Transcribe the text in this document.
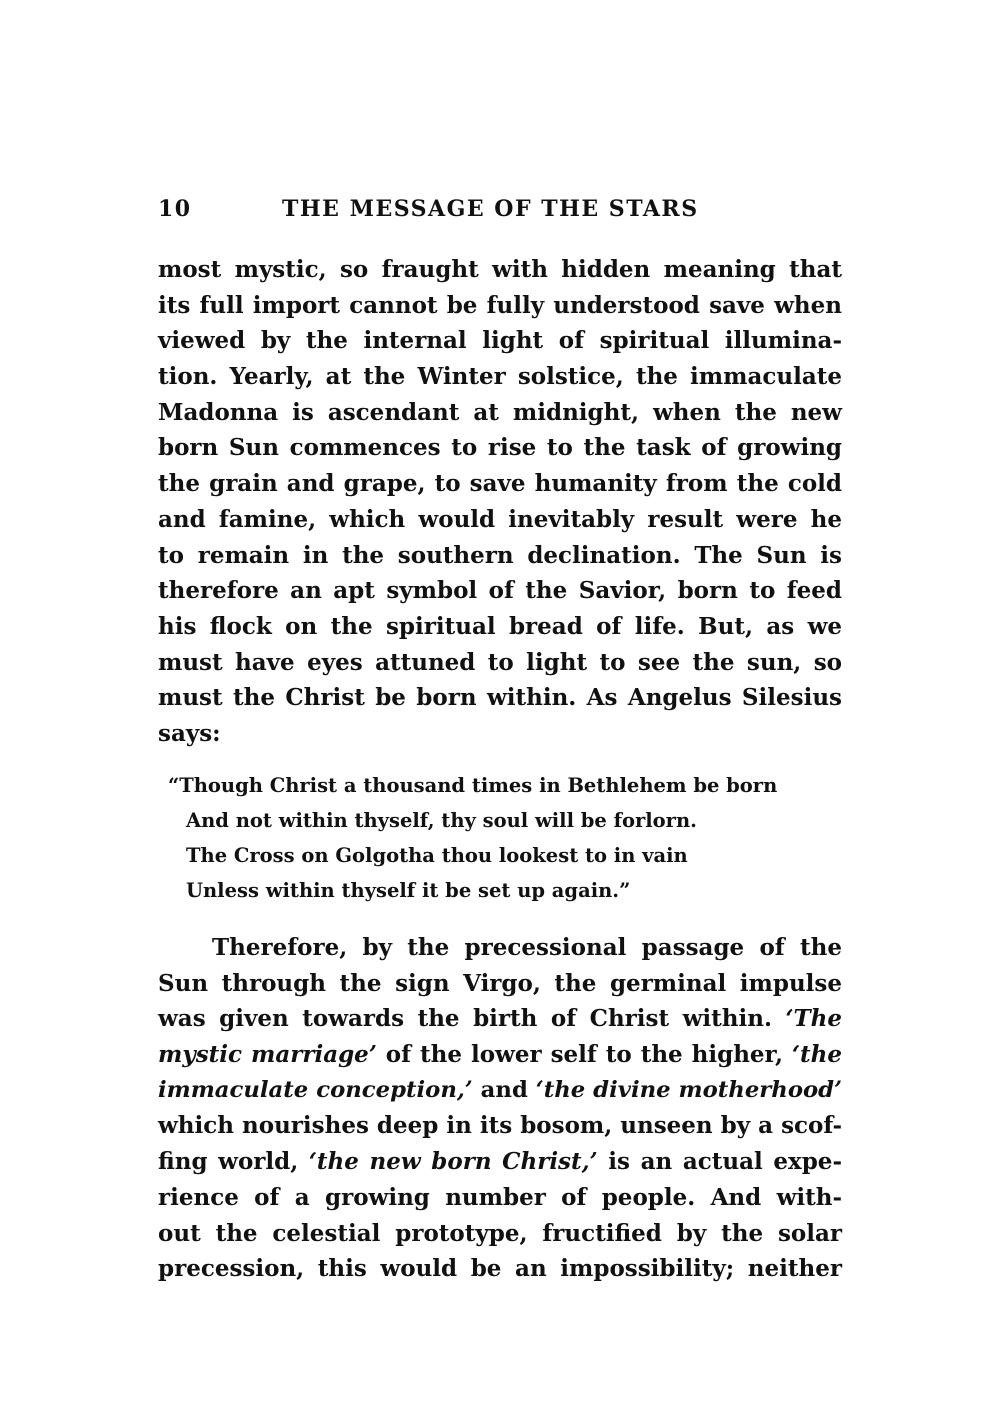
10	THE MESSAGE OF THE STARS
most mystic, so fraught with hidden meaning that
its full import cannot be fully understood save when
viewed by the internal light of spiritual illumina-
tion. Yearly, at the Winter solstice, the immaculate
Madonna is ascendant at midnight, when the new
born Sun commences to rise to the task of growing
the grain and grape, to save humanity from the cold
and famine, which would inevitably result were he
to remain in the southern declination. The Sun is
therefore an apt symbol of the Savior, born to feed
his flock on the spiritual bread of life. But, as we
must have eyes attuned to light to see the sun, so
must the Christ be born within. As Angelus Silesius
says:
“Though Christ a thousand times in Bethlehem be born
And not within thyself, thy soul will be forlorn.
The Cross on Golgotha thou lookest to in vain
Unless within thyself it be set up again.”
Therefore, by the precessional passage of the
Sun through the sign Virgo, the germinal impulse
was given towards the birth of Christ within. ‘The
mystic marriage’ of the lower self to the higher, ‘the
immaculate conception,’ and ‘the divine motherhood’
which nourishes deep in its bosom, unseen by a scof-
fing world, ‘the new born Christ,’ is an actual expe-
rience of a growing number of people. And with-
out the celestial prototype, fructified by the solar
precession, this would be an impossibility; neither
